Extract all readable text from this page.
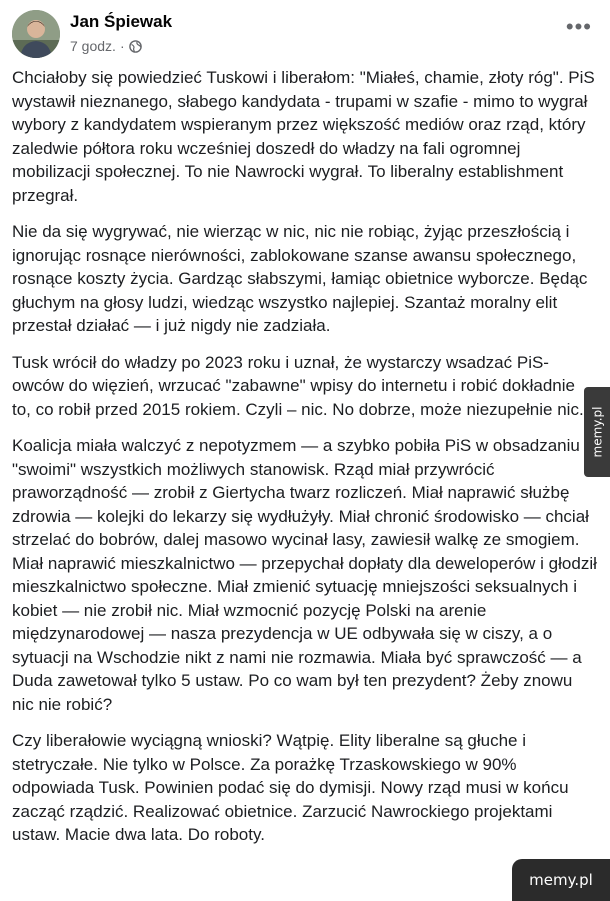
Jan Śpiewak
7 godz. ·
•••

Chciałoby się powiedzieć Tuskowi i liberałom: "Miałeś, chamie, złoty róg". PiS wystawił nieznanego, słabego kandydata - trupami w szafie - mimo to wygrał wybory z kandydatem wspieranym przez większość mediów oraz rząd, który zaledwie półtora roku wcześniej doszedł do władzy na fali ogromnej mobilizacji społecznej. To nie Nawrocki wygrał. To liberalny establishment przegrał.

Nie da się wygrywać, nie wierząc w nic, nic nie robiąc, żyjąc przeszłością i ignorując rosnące nierówności, zablokowane szanse awansu społecznego, rosnące koszty życia. Gardząc słabszymi, łamiąc obietnice wyborcze. Będąc głuchym na głosy ludzi, wiedząc wszystko najlepiej. Szantaż moralny elit przestał działać — i już nigdy nie zadziała.

Tusk wrócił do władzy po 2023 roku i uznał, że wystarczy wsadzać PiS-owców do więzień, wrzucać "zabawne" wpisy do internetu i robić dokładnie to, co robił przed 2015 rokiem. Czyli – nic. No dobrze, może niezupełnie nic.

Koalicja miała walczyć z nepotyzmem — a szybko pobiła PiS w obsadzaniu "swoimi" wszystkich możliwych stanowisk. Rząd miał przywrócić praworządność — zrobił z Giertycha twarz rozliczeń. Miał naprawić służbę zdrowia — kolejki do lekarzy się wydłużyły. Miał chronić środowisko — chciał strzelać do bobrów, dalej masowo wycinał lasy, zawiesił walkę ze smogiem. Miał naprawić mieszkalnictwo — przepychał dopłaty dla deweloperów i głodził mieszkalnictwo społeczne. Miał zmienić sytuację mniejszości seksualnych i kobiet — nie zrobił nic. Miał wzmocnić pozycję Polski na arenie międzynarodowej — nasza prezydencja w UE odbywała się w ciszy, a o sytuacji na Wschodzie nikt z nami nie rozmawia. Miała być sprawczość — a Duda zawetował tylko 5 ustaw. Po co wam był ten prezydent? Żeby znowu nic nie robić?

Czy liberałowie wyciągną wnioski? Wątpię. Elity liberalne są głuche i stetryczałe. Nie tylko w Polsce. Za porażkę Trzaskowskiego w 90% odpowiada Tusk. Powinien podać się do dymisji. Nowy rząd musi w końcu zacząć rządzić. Realizować obietnice. Zarzucić Nawrockiego projektami ustaw. Macie dwa lata. Do roboty.

memy.pl
memy.pl
